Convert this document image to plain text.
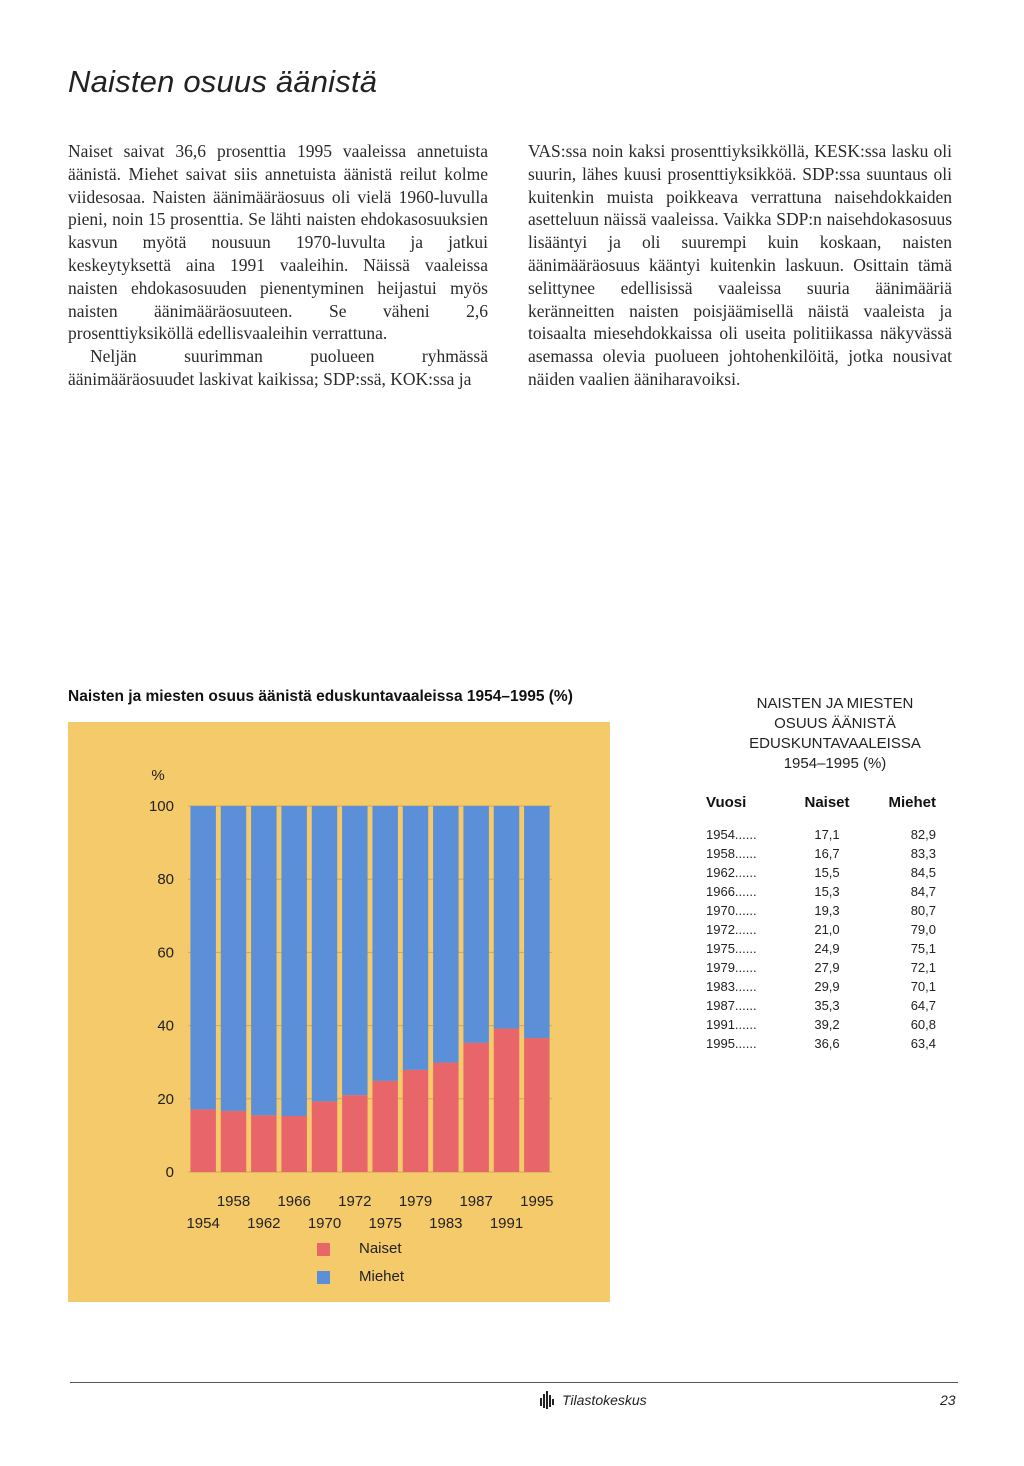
Naisten osuus äänistä

Naiset saivat 36,6 prosenttia 1995 vaaleissa annetuista äänistä. Miehet saivat siis annetuista äänistä reilut kolme viidesosaa. Naisten äänimääräosuus oli vielä 1960-luvulla pieni, noin 15 prosenttia. Se lähti naisten ehdokasosuuksien kasvun myötä nousuun 1970-luvulta ja jatkui keskeytyksettä aina 1991 vaaleihin. Näissä vaaleissa naisten ehdokasosuuden pienentyminen heijastui myös naisten äänimääräosuuteen. Se väheni 2,6 prosenttiyksiköllä edellisvaaleihin verrattuna.

Neljän suurimman puolueen ryhmässä äänimääräosuudet laskivat kaikissa; SDP:ssä, KOK:ssa ja

VAS:ssa noin kaksi prosenttiyksikköllä, KESK:ssa lasku oli suurin, lähes kuusi prosenttiyksikköä. SDP:ssa suuntaus oli kuitenkin muista poikkeava verrattuna naisehdokkaiden asetteluun näissä vaaleissa. Vaikka SDP:n naisehdokasosuus lisääntyi ja oli suurempi kuin koskaan, naisten äänimääräosuus kääntyi kuitenkin laskuun. Osittain tämä selittynee edellisissä vaaleissa suuria äänimääriä keränneitten naisten poisjäämisellä näistä vaaleista ja toisaalta miesehdokkaissa oli useita politiikassa näkyvässä asemassa olevia puolueen johtohenkilöitä, jotka nousivat näiden vaalien ääniharavoiksi.

Naisten ja miesten osuus äänistä eduskuntavaaleissa 1954–1995 (%)
0
20
40
60
80
100
%
1954
1958
1962
1966
1970
1972
1975
1979
1983
1987
1991
1995
Naiset
Miehet
NAISTEN JA MIESTEN
OSUUS ÄÄNISTÄ
EDUSKUNTAVAALEISSA
1954–1995 (%)
Vuosi	Naiset	Miehet
1954......	17,1	82,9
1958......	16,7	83,3
1962......	15,5	84,5
1966......	15,3	84,7
1970......	19,3	80,7
1972......	21,0	79,0
1975......	24,9	75,1
1979......	27,9	72,1
1983......	29,9	70,1
1987......	35,3	64,7
1991......	39,2	60,8
1995......	36,6	63,4
Tilastokeskus	23
